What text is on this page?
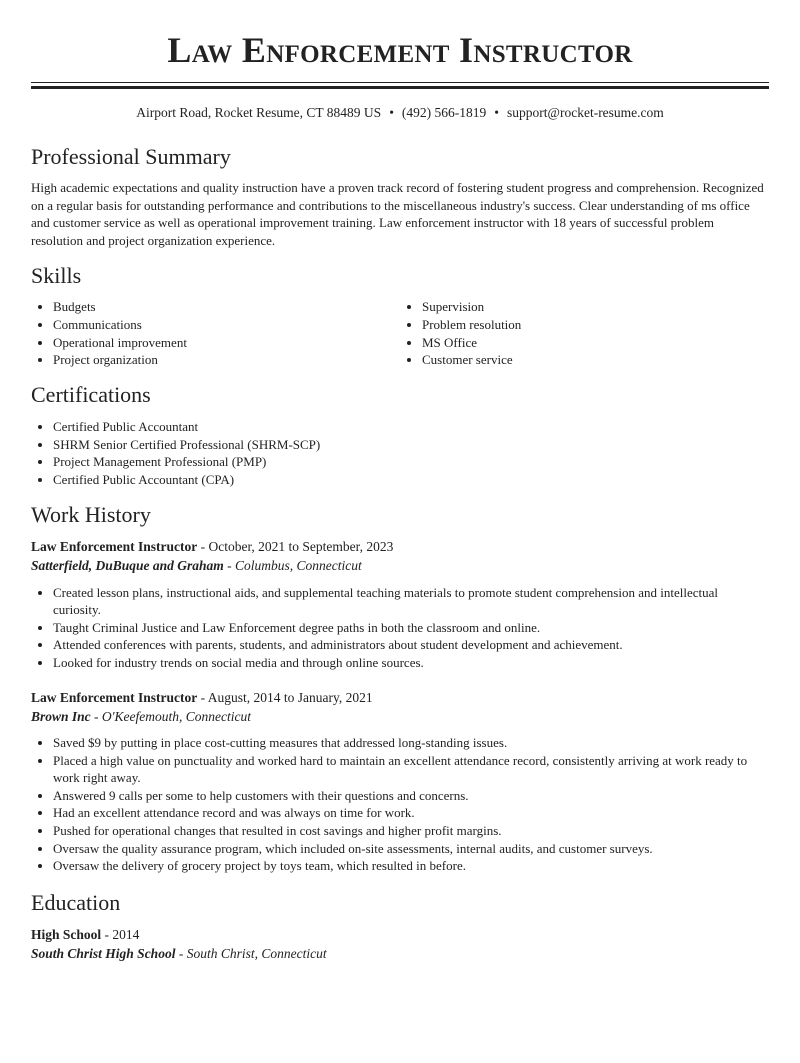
Law Enforcement Instructor
Airport Road, Rocket Resume, CT 88489 US • (492) 566-1819 • support@rocket-resume.com
Professional Summary
High academic expectations and quality instruction have a proven track record of fostering student progress and comprehension. Recognized on a regular basis for outstanding performance and contributions to the miscellaneous industry's success. Clear understanding of ms office and customer service as well as operational improvement training. Law enforcement instructor with 18 years of successful problem resolution and project organization experience.
Skills
• Budgets
• Communications
• Operational improvement
• Project organization
• Supervision
• Problem resolution
• MS Office
• Customer service
Certifications
• Certified Public Accountant
• SHRM Senior Certified Professional (SHRM-SCP)
• Project Management Professional (PMP)
• Certified Public Accountant (CPA)
Work History
Law Enforcement Instructor - October, 2021 to September, 2023
Satterfield, DuBuque and Graham - Columbus, Connecticut
• Created lesson plans, instructional aids, and supplemental teaching materials to promote student comprehension and intellectual curiosity.
• Taught Criminal Justice and Law Enforcement degree paths in both the classroom and online.
• Attended conferences with parents, students, and administrators about student development and achievement.
• Looked for industry trends on social media and through online sources.
Law Enforcement Instructor - August, 2014 to January, 2021
Brown Inc - O'Keefemouth, Connecticut
• Saved $9 by putting in place cost-cutting measures that addressed long-standing issues.
• Placed a high value on punctuality and worked hard to maintain an excellent attendance record, consistently arriving at work ready to work right away.
• Answered 9 calls per some to help customers with their questions and concerns.
• Had an excellent attendance record and was always on time for work.
• Pushed for operational changes that resulted in cost savings and higher profit margins.
• Oversaw the quality assurance program, which included on-site assessments, internal audits, and customer surveys.
• Oversaw the delivery of grocery project by toys team, which resulted in before.
Education
High School - 2014
South Christ High School - South Christ, Connecticut
